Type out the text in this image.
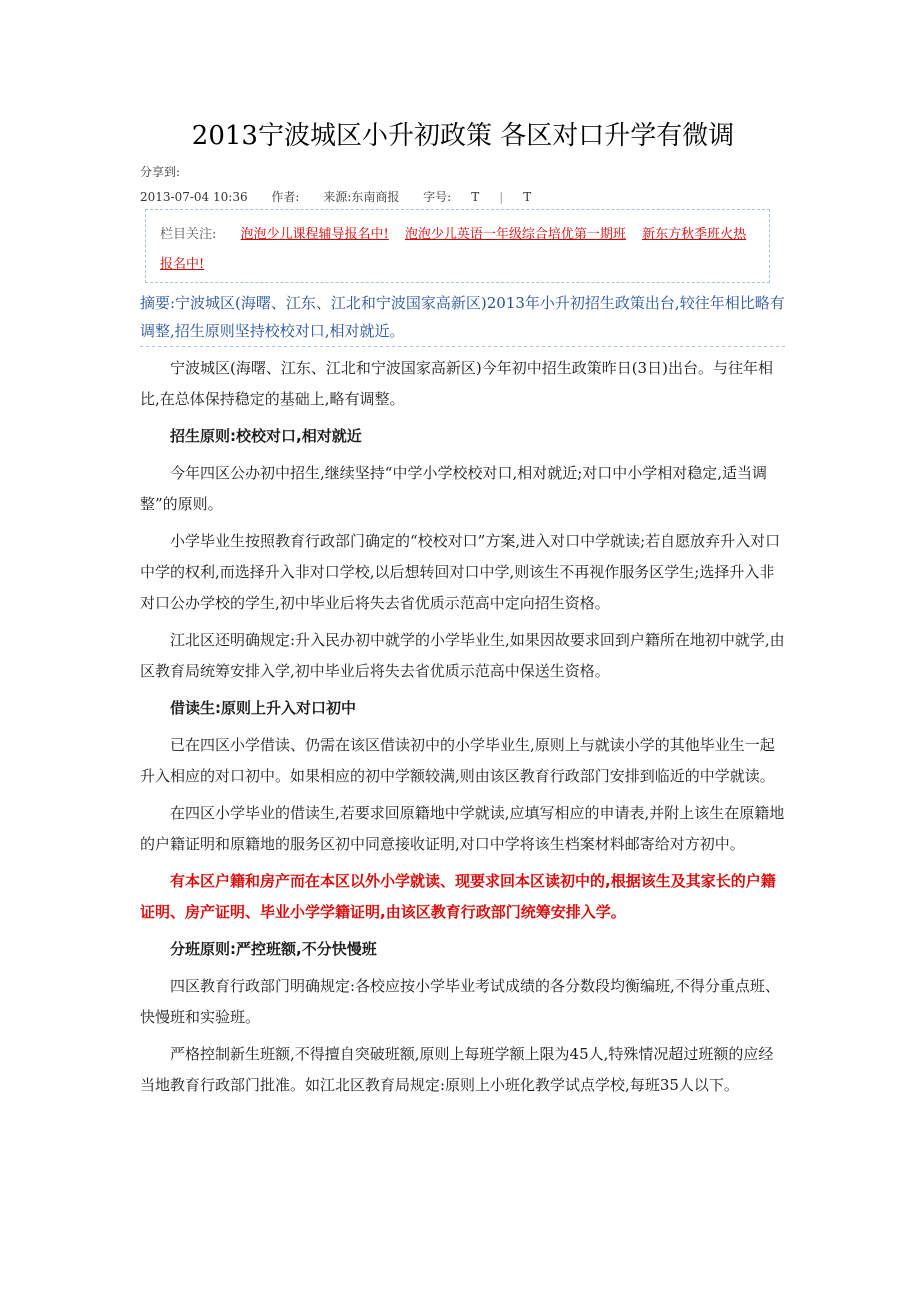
2013宁波城区小升初政策 各区对口升学有微调
分享到:
2013-07-04 10:36 作者: 来源:东南商报 字号: T | T
栏目关注: 泡泡少儿课程辅导报名中! 泡泡少儿英语一年级综合培优第一期班 新东方秋季班火热报名中!
摘要:宁波城区(海曙、江东、江北和宁波国家高新区)2013年小升初招生政策出台,较往年相比略有调整,招生原则坚持校校对口,相对就近。

宁波城区(海曙、江东、江北和宁波国家高新区)今年初中招生政策昨日(3日)出台。与往年相比,在总体保持稳定的基础上,略有调整。

招生原则:校校对口,相对就近

今年四区公办初中招生,继续坚持“中学小学校校对口,相对就近;对口中小学相对稳定,适当调整”的原则。

小学毕业生按照教育行政部门确定的“校校对口”方案,进入对口中学就读;若自愿放弃升入对口中学的权利,而选择升入非对口学校,以后想转回对口中学,则该生不再视作服务区学生;选择升入非对口公办学校的学生,初中毕业后将失去省优质示范高中定向招生资格。

江北区还明确规定:升入民办初中就学的小学毕业生,如果因故要求回到户籍所在地初中就学,由区教育局统筹安排入学,初中毕业后将失去省优质示范高中保送生资格。

借读生:原则上升入对口初中

已在四区小学借读、仍需在该区借读初中的小学毕业生,原则上与就读小学的其他毕业生一起升入相应的对口初中。如果相应的初中学额较满,则由该区教育行政部门安排到临近的中学就读。

在四区小学毕业的借读生,若要求回原籍地中学就读,应填写相应的申请表,并附上该生在原籍地的户籍证明和原籍地的服务区初中同意接收证明,对口中学将该生档案材料邮寄给对方初中。

有本区户籍和房产而在本区以外小学就读、现要求回本区读初中的,根据该生及其家长的户籍证明、房产证明、毕业小学学籍证明,由该区教育行政部门统筹安排入学。

分班原则:严控班额,不分快慢班

四区教育行政部门明确规定:各校应按小学毕业考试成绩的各分数段均衡编班,不得分重点班、快慢班和实验班。

严格控制新生班额,不得擅自突破班额,原则上每班学额上限为45人,特殊情况超过班额的应经当地教育行政部门批准。如江北区教育局规定:原则上小班化教学试点学校,每班35人以下。
